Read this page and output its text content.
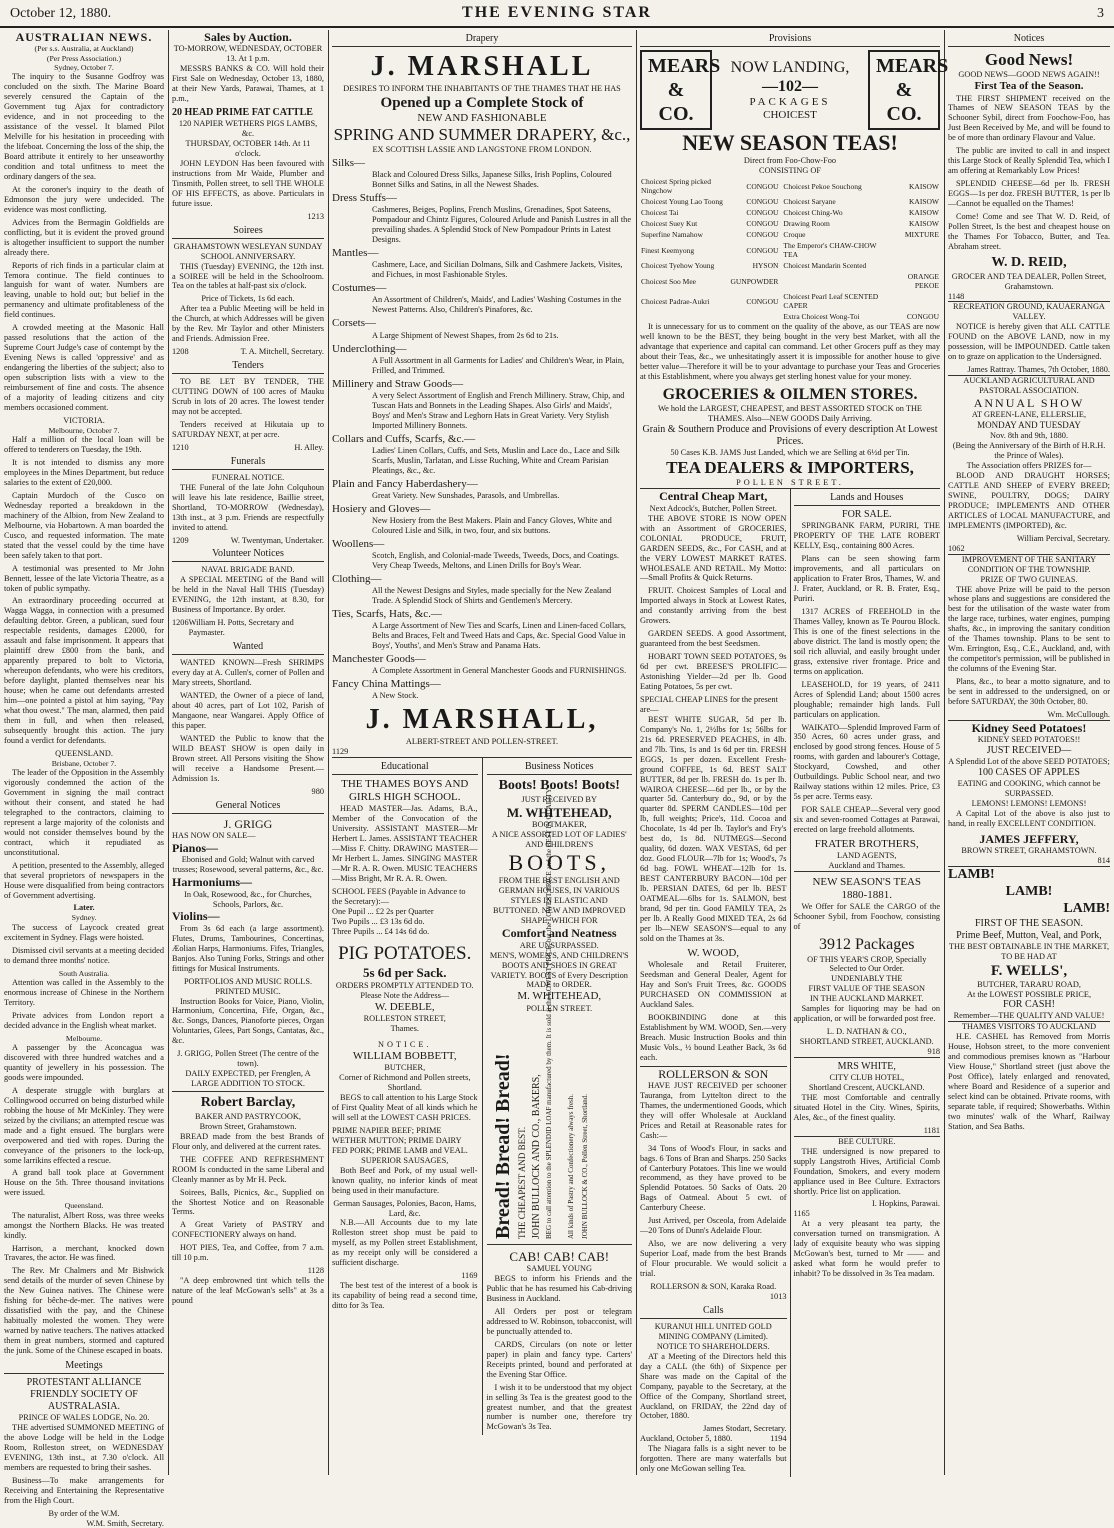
October 12, 1880.	THE EVENING STAR	3
AUSTRALIAN NEWS.
(Per s.s. Australia, at Auckland)
(Per Press Association.)
Sydney, October 7.

The inquiry to the Susanne Godfroy was concluded on the sixth. The Marine Board severely censured the Captain of the Government tug Ajax for contradictory evidence, and in not proceeding to the assistance of the vessel. It blamed Pilot Melville for his hesitation in proceeding with the lifeboat. Concerning the loss of the ship, the Board attribute it entirely to her unseaworthy condition and total unfitness to meet the ordinary dangers of the sea.

At the coroner's inquiry to the death of Edmonson the jury were undecided. The evidence was most conflicting.

Advices from the Bermagin Goldfields are conflicting, but it is evident the proved ground is altogether insufficient to support the number already there.

Reports of rich finds in a particular claim at Temora continue. The field continues to languish for want of water. Numbers are leaving, unable to hold out; but belief in the permanency and ultimate profitableness of the field continues.

A crowded meeting at the Masonic Hall passed resolutions that the action of the Supreme Court Judge's case of contempt by the Evening News is called 'oppressive' and as endangering the liberties of the subject; also to open subscription lists with a view to the reimbursement of fine and costs. The absence of a majority of leading citizens and city members occasioned comment.

VICTORIA.
Melbourne, October 7.

Half a million of the local loan will be offered to tenderers on Tuesday, the 19th.

It is not intended to dismiss any more employees in the Mines Department, but reduce salaries to the extent of £20,000.

Captain Murdoch of the Cusco on Wednesday reported a breakdown in the machinery of the Albion, from New Zealand to Melbourne, via Hobartown. A man boarded the Cusco, and requested information. The mate stated that the vessel could by the time have been safely taken to that port.

A testimonial was presented to Mr John Bennett, lessee of the late Victoria Theatre, as a token of public sympathy.

An extraordinary proceeding occurred at Wagga Wagga, in connection with a presumed defaulting debtor. Green, a publican, sued four respectable residents, damages £2000, for assault and false imprisonment. It appears that plaintiff drew £800 from the bank, and apparently prepared to bolt to Victoria, whereupon defendants, who were his creditors, before daylight, planted themselves near his house; when he came out defendants arrested him—one pointed a pistol at him saying, "Pay what thou owest." The man, alarmed, then paid them in full, and when then released, subsequently brought this action. The jury found a verdict for defendants.

QUEENSLAND.
Brisbane, October 7.

The leader of the Opposition in the Assembly vigorously condemned the action of the Government in signing the mail contract without their consent, and stated he had telegraphed to the contractors, claiming to represent a large majority of the colonists and would not consider themselves bound by the contract, which it repudiated as unconstitutional.

A petition, presented to the Assembly, alleged that several proprietors of newspapers in the House were disqualified from being contractors of Government advertising.

Later.
Sydney.

The success of Laycock created great excitement in Sydney. Flags were hoisted.

Dismissed civil servants at a meeting decided to demand three months' notice.

South Australia.

Attention was called in the Assembly to the enormous increase of Chinese in the Northern Territory.

Private advices from London report a decided advance in the English wheat market.

Melbourne.

A passenger by the Aconcagua was discovered with three hundred watches and a quantity of jewellery in his possession. The goods were impounded.

A desperate struggle with burglars at Collingwood occurred on being disturbed while robbing the house of Mr McKinley. They were seized by the civilians; an attempted rescue was made and a fight ensued. The burglars were overpowered and tied with ropes. During the conveyance of the prisoners to the lock-up, some larrikins effected a rescue.

A grand ball took place at Government House on the 5th. Three thousand invitations were issued.

Queensland.

The naturalist, Albert Ross, was three weeks amongst the Northern Blacks. He was treated kindly.

Harrison, a merchant, knocked down Travares, the actor. He was fined.

The Rev. Mr Chalmers and Mr Bishwick send details of the murder of seven Chinese by the New Guinea natives. The Chinese were fishing for bêche-de-mer. The natives were dissatisfied with the pay, and the Chinese habitually molested the women. They were warned by native teachers. The natives attacked them in great numbers, stormed and captured the junk. Some of the Chinese escaped in boats.

Meetings
PROTESTANT ALLIANCE FRIENDLY SOCIETY OF AUSTRALASIA.
PRINCE OF WALES LODGE, No. 20.

THE advertised SUMMONED MEETING of the above Lodge will be held in the Lodge Room, Rolleston street, on WEDNESDAY EVENING, 13th inst., at 7.30 o'clock. All members are requested to bring their sashes.

Business—To make arrangements for Receiving and Entertaining the Representative from the High Court.

By order of the W.M.
W.M. Smith, Secretary.
Sales by Auction.
TO-MORROW, WEDNESDAY, OCTOBER 13. At 1 p.m.

MESSRS BANKS & CO. Will hold their First Sale on Wednesday, October 13, 1880, at their New Yards, Parawai, Thames, at 1 p.m.,

20 HEAD PRIME FAT CATTLE
120 NAPIER WETHERS PIGS LAMBS, &c.
THURSDAY, OCTOBER 14th. At 11 o'clock.

JOHN LEYDON Has been favoured with instructions from Mr Waide, Plumber and Tinsmith, Pollen street, to sell THE WHOLE OF HIS EFFECTS, as above. Particulars in future issue.

1213
Soirees
GRAHAMSTOWN WESLEYAN SUNDAY SCHOOL ANNIVERSARY.

THIS (Tuesday) EVENING, the 12th inst. a SOIREE will be held in the Schoolroom. Tea on the tables at half-past six o'clock.

Price of Tickets, 1s 6d each.

After tea a Public Meeting will be held in the Church, at which Addresses will be given by the Rev. Mr Taylor and other Ministers and Friends. Admission Free.

1208	T. A. Mitchell, Secretary.
Tenders

TO BE LET BY TENDER, THE CUTTING DOWN of 100 acres of Mauku Scrub in lots of 20 acres. The lowest tender may not be accepted.

Tenders received at Hikutaia up to SATURDAY NEXT, at per acre.

1210	H. Alley.
Funerals
FUNERAL NOTICE.

THE Funeral of the late John Colquhoun will leave his late residence, Baillie street, Shortland, TO-MORROW (Wednesday), 13th inst., at 3 p.m. Friends are respectfully invited to attend.

1209	W. Twentyman, Undertaker.
Volunteer Notices
NAVAL BRIGADE BAND.

A SPECIAL MEETING of the Band will be held in the Naval Hall THIS (Tuesday) EVENING, the 12th instant, at 8.30, for Business of Importance. By order.

1206 William H. Potts, Secretary and Paymaster.
Wanted

WANTED KNOWN—Fresh SHRIMPS every day at A. Cullen's, corner of Pollen and Mary streets, Shortland.

WANTED, the Owner of a piece of land, about 40 acres, part of Lot 102, Parish of Mangaone, near Wangarei. Apply Office of this paper.

WANTED the Public to know that the WILD BEAST SHOW is open daily in Brown street. All Persons visiting the Show will receive a Handsome Present.—Admission 1s.

980
General Notices
J. GRIGG
HAS NOW ON SALE—
Pianos—
Ebonised and Gold; Walnut with carved trusses; Rosewood, several patterns, &c., &c.
Harmoniums—
In Oak, Rosewood, &c., for Churches, Schools, Parlors, &c.
Violins—

From 3s 6d each (a large assortment). Flutes, Drums, Tambourines, Concertinas, Æolian Harps, Harmoniums. Fifes, Triangles, Banjos. Also Tuning Forks, Strings and other fittings for Musical Instruments.

PORTFOLIOS AND MUSIC ROLLS. PRINTED MUSIC.

Instruction Books for Voice, Piano, Violin, Harmonium, Concertina, Fife, Organ, &c., &c. Songs, Dances, Pianoforte pieces, Organ Voluntaries, Glees, Part Songs, Cantatas, &c., &c.

J. GRIGG, Pollen Street (The centre of the town).
DAILY EXPECTED, per Frenglen, A LARGE ADDITION TO STOCK.
Robert Barclay,
BAKER AND PASTRYCOOK,
Brown Street, Grahamstown.

BREAD made from the best Brands of Flour only, and delivered at the current rates.

THE COFFEE AND REFRESHMENT ROOM Is conducted in the same Liberal and Cleanly manner as by Mr H. Peck.

Soirees, Balls, Picnics, &c., Supplied on the Shortest Notice and on Reasonable Terms.

A Great Variety of PASTRY and CONFECTIONERY always on hand.

HOT PIES, Tea, and Coffee, from 7 a.m. till 10 p.m.

1128

"A deep embrowned tint which tells the nature of the leaf McGowan's sells" at 3s a pound

Drapery
J. MARSHALL
DESIRES TO INFORM THE INHABITANTS OF THE THAMES THAT HE HAS
Opened up a Complete Stock of
NEW AND FASHIONABLE
SPRING AND SUMMER DRAPERY, &c.,
EX SCOTTISH LASSIE AND LANGSTONE FROM LONDON.
Silks—
Black and Coloured Dress Silks, Japanese Silks, Irish Poplins, Coloured Bonnet Silks and Satins, in all the Newest Shades.
Dress Stuffs—
Cashmeres, Beiges, Poplins, French Muslins, Grenadines, Spot Sateens, Pompadour and Chintz Figures, Coloured Arlude and Panish Lustres in all the prevailing shades. A Splendid Stock of New Pompadour Prints in Latest Designs.
Mantles—
Cashmere, Lace, and Sicilian Dolmans, Silk and Cashmere Jackets, Visites, and Fichues, in most Fashionable Styles.
Costumes—
An Assortment of Children's, Maids', and Ladies' Washing Costumes in the Newest Patterns. Also, Children's Pinafores, &c.
Corsets—
A Large Shipment of Newest Shapes, from 2s 6d to 21s.
Underclothing—
A Full Assortment in all Garments for Ladies' and Children's Wear, in Plain, Frilled, and Trimmed.
Millinery and Straw Goods—
A very Select Assortment of English and French Millinery. Straw, Chip, and Tuscan Hats and Bonnets in the Leading Shapes. Also Girls' and Maids', Boys' and Men's Straw and Leghorn Hats in Great Variety. Very Stylish Imported Millinery Bonnets.
Collars and Cuffs, Scarfs, &c.—
Ladies' Linen Collars, Cuffs, and Sets, Muslin and Lace do., Lace and Silk Scarfs, Muslin, Tarlatan, and Lisse Ruching, White and Cream Parisian Pleatings, &c., &c.
Plain and Fancy Haberdashery—
Great Variety. New Sunshades, Parasols, and Umbrellas.
Hosiery and Gloves—
New Hosiery from the Best Makers. Plain and Fancy Gloves, White and Coloured Lisle and Silk, in two, four, and six buttons.
Woollens—
Scotch, English, and Colonial-made Tweeds, Tweeds, Docs, and Coatings. Very Cheap Tweeds, Meltons, and Linen Drills for Boy's Wear.
Clothing—
All the Newest Designs and Styles, made specially for the New Zealand Trade. A Splendid Stock of Shirts and Gentlemen's Mercery.
Ties, Scarfs, Hats, &c.—
A Large Assortment of New Ties and Scarfs, Linen and Linen-faced Collars, Belts and Braces, Felt and Tweed Hats and Caps, &c. Special Good Value in Boys', Youths', and Men's Straw and Panama Hats.
Manchester Goods—
A Complete Assortment in General Manchester Goods and FURNISHINGS.
Fancy China Mattings—
A New Stock.
J. MARSHALL,
ALBERT-STREET AND POLLEN-STREET.
1129
Educational
THE THAMES BOYS AND GIRLS HIGH SCHOOL.

HEAD MASTER—Jas. Adams, B.A., Member of the Convocation of the University. ASSISTANT MASTER—Mr Herbert L. James. ASSISTANT TEACHER—Miss F. Chitty. DRAWING MASTER—Mr Herbert L. James. SINGING MASTER—Mr R. A. R. Owen. MUSIC TEACHERS—Miss Bright, Mr R. A. R. Owen.

SCHOOL FEES (Payable in Advance to the Secretary):—
One Pupil ... £2 2s per Quarter
Two Pupils ... £3 13s 6d do.
Three Pupils ... £4 14s 6d do.
PIG POTATOES.
5s 6d per Sack.
ORDERS PROMPTLY ATTENDED TO.
Please Note the Address—
W. DEEBLE,
ROLLESTON STREET,
Thames.
NOTICE.
WILLIAM BOBBETT,
BUTCHER,
Corner of Richmond and Pollen streets, Shortland.

BEGS to call attention to his Large Stock of First Quality Meat of all kinds which he will sell at the LOWEST CASH PRICES.

PRIME NAPIER BEEF; PRIME WETHER MUTTON; PRIME DAIRY FED PORK; PRIME LAMB and VEAL.
SUPERIOR SAUSAGES,

Both Beef and Pork, of my usual well-known quality, no inferior kinds of meat being used in their manufacture.

German Sausages, Polonies, Bacon, Hams, Lard, &c.

N.B.—All Accounts due to my late Rolleston street shop must be paid to myself, as my Pollen street Establishment, as my receipt only will be considered a sufficient discharge.

1169

The best test of the interest of a book is its capability of being read a second time, ditto for 3s Tea.

Business Notices
Boots! Boots! Boots!
JUST RECEIVED BY
M. WHITEHEAD,
BOOTMAKER,
A NICE ASSORTED LOT OF LADIES' AND CHILDREN'S
BOOTS,
FROM THE BEST ENGLISH AND GERMAN HOUSES, IN VARIOUS STYLES IN ELASTIC AND BUTTONED. NEW AND IMPROVED SHAPE, WHICH FOR
Comfort and Neatness
ARE UNSURPASSED.
MEN'S, WOMEN'S, AND CHILDREN'S BOOTS AND SHOES IN GREAT VARIETY. BOOTS of Every Description MADE to ORDER.
M. WHITEHEAD,
POLLEN STREET.
Bread! Bread! Bread! THE CHEAPEST AND BEST. JOHN BULLOCK AND CO., BAKERS, BEG to call attention to the SPLENDID LOAF manufactured by them. It is sold at the LOWEST PRICE, but the LOWEST PRICE and the BEST IN QUALITY. All kinds of Pastry and Confectionery always fresh. JOHN BULLOCK & CO., Pollen Street, Shortland.
CAB! CAB! CAB!
SAMUEL YOUNG

BEGS to inform his Friends and the Public that he has resumed his Cab-driving Business in Auckland.

All Orders per post or telegram addressed to W. Robinson, tobacconist, will be punctually attended to.

CARDS, Circulars (on note or letter paper) in plain and fancy type. Carters' Receipts printed, bound and perforated at the Evening Star Office.

I wish it to be understood that my object in selling 3s Tea is the greatest good to the greatest number, and that the greatest number is number one, therefore try McGowan's 3s Tea.

Provisions
MEARS & CO.
NOW LANDING,
—102—
PACKAGES
CHOICEST
MEARS & CO.
NEW SEASON TEAS!
Direct from Foo-Chow-Foo
CONSISTING OF
Choicest Spring picked Ningchow	CONGOU	Choicest Pekoe Souchong	KAISOW
Choicest Young Lao Toong	CONGOU	Choicest Saryane	KAISOW
Choicest Tai	CONGOU	Choicest Ching-Wo	KAISOW
Choicest Suey Kut	CONGOU	Drawing Room	KAISOW
Superfine Namahow	CONGOU	Croque	MIXTURE
Finest Keemyong	CONGOU	The Emperor's CHAW-CHOW TEA	
Choicest Tyehow Young	HYSON	Choicest Mandarin Scented	
Choicest Soo Mee	GUNPOWDER		ORANGE PEKOE
Choicest Padrae-Aukri	CONGOU	Choicest Pearl Leaf SCENTED CAPER	
		Extra Choicest Wong-Toi	CONGOU

It is unnecessary for us to comment on the quality of the above, as our TEAS are now well known to be the BEST, they being bought in the very best Market, with all the advantage that experience and capital can command. Let other Grocers puff as they may about their Teas, &c., we unhesitatingly assert it is impossible for another house to give better value—Therefore it will be to your advantage to purchase your Teas and Groceries at this Establishment, where you always get sterling honest value for your money.

GROCERIES & OILMEN STORES.
We hold the LARGEST, CHEAPEST, and BEST ASSORTED STOCK on THE THAMES. Also—NEW GOODS Daily Arriving.
Grain & Southern Produce and Provisions of every description At Lowest Prices.
50 Cases K.B. JAMS Just Landed, which we are Selling at 6½d per Tin.
TEA DEALERS & IMPORTERS,
POLLEN STREET.
Central Cheap Mart,
Next Adcock's, Butcher, Pollen Street.

THE ABOVE STORE IS NOW OPEN with an Assortment of GROCERIES, COLONIAL PRODUCE, FRUIT, GARDEN SEEDS, &c., For CASH, and at the VERY LOWEST MARKET RATES. WHOLESALE AND RETAIL. My Motto:—Small Profits & Quick Returns.

FRUIT. Choicest Samples of Local and Imported always in Stock at Lowest Rates, and constantly arriving from the best Growers.

GARDEN SEEDS. A good Assortment, guaranteed from the best Seedsmen.

HOBART TOWN SEED POTATOES, 9s 6d per cwt. BREESE'S PROLIFIC—Astonishing Yielder—2d per lb. Good Eating Potatoes, 5s per cwt.

SPECIAL CHEAP LINES for the present are—

BEST WHITE SUGAR, 5d per lb. Company's No. 1, 2½lbs for 1s; 56lbs for 21s 6d. PRESERVED PEACHES, in 4lb. and 7lb. Tins, 1s and 1s 6d per tin. FRESH EGGS, 1s per dozen. Excellent Fresh-ground COFFEE, 1s 6d. BEST SALT BUTTER, 8d per lb. FRESH do. 1s per lb. WAIROA CHEESE—6d per lb., or by the quarter 5d. Canterbury do., 9d, or by the quarter 8d. SPERM CANDLES—10d per lb, full weights; Price's, 11d. Cocoa and Chocolate, 1s 4d per lb. Taylor's and Fry's best do, 1s 8d. NUTMEGS—Second quality, 6d dozen. WAX VESTAS, 6d per doz. Good FLOUR—7lb for 1s; Wood's, 7s 6d bag. FOWL WHEAT—12lb for 1s. BEST CANTERBURY BACON—10d per lb. PERSIAN DATES, 6d per lb. BEST OATMEAL—6lbs for 1s. SALMON, best brand, 9d per tin. Good FAMILY TEA, 2s per lb. A Really Good MIXED TEA, 2s 6d per lb—NEW SEASON'S—equal to any sold on the Thames at 3s.

W. WOOD,

Wholesale and Retail Fruiterer, Seedsman and General Dealer, Agent for Hay and Son's Fruit Trees, &c. GOODS PURCHASED ON COMMISSION at Auckland Sales.

BOOKBINDING done at this Establishment by WM. WOOD, Sen.—very Breach. Music Instruction Books and thin Music Vols., ½ bound Leather Back, 3s 6d each.

ROLLERSON & SON

HAVE JUST RECEIVED per schooner Tauranga, from Lyttelton direct to the Thames, the undermentioned Goods, which they will offer Wholesale at Auckland Prices and Retail at Reasonable rates for Cash:—

34 Tons of Wood's Flour, in sacks and bags. 6 Tons of Bran and Sharps. 250 Sacks of Canterbury Potatoes. This line we would recommend, as they have proved to be Splendid Potatoes. 50 Sacks of Oats. 20 Bags of Oatmeal. About 5 cwt. of Canterbury Cheese.

Just Arrived, per Osceola, from Adelaide—20 Tons of Dunn's Adelaide Flour.

Also, we are now delivering a very Superior Loaf, made from the best Brands of Flour procurable. We would solicit a trial.

ROLLERSON & SON, Karaka Road.
1013
Calls
KURANUI HILL UNITED GOLD MINING COMPANY (Limited).
NOTICE TO SHAREHOLDERS.

AT a Meeting of the Directors held this day a CALL (the 6th) of Sixpence per Share was made on the Capital of the Company, payable to the Secretary, at the Office of the Company, Shortland street, Auckland, on FRIDAY, the 22nd day of October, 1880.

James Stodart, Secretary.
Auckland, October 5, 1880.	1194

The Niagara falls is a sight never to be forgotten. There are many waterfalls but only one McGowan selling Tea.

Lands and Houses
FOR SALE.

SPRINGBANK FARM, PURIRI, THE PROPERTY OF THE LATE ROBERT KELLY, Esq., containing 800 Acres.

Plans can be seen showing farm improvements, and all particulars on application to Frater Bros, Thames, W. and J. Frater, Auckland, or R. B. Frater, Esq., Puriri.

1317 ACRES of FREEHOLD in the Thames Valley, known as Te Pourou Block. This is one of the finest selections in the above district. The land is mostly open; the soil rich alluvial, and easily brought under grass, extensive river frontage. Price and terms on application.

LEASEHOLD, for 19 years, of 2411 Acres of Splendid Land; about 1500 acres ploughable; remainder high lands. Full particulars on application.

WAIKATO—Splendid Improved Farm of 350 Acres, 60 acres under grass, and enclosed by good strong fences. House of 5 rooms, with garden and labourer's Cottage, Stockyard, Cowshed, and other Outbuildings. Public School near, and two Railway stations within 12 miles. Price, £3 5s per acre. Terms easy.

FOR SALE CHEAP—Several very good six and seven-roomed Cottages at Parawai, erected on large freehold allotments.

FRATER BROTHERS,
LAND AGENTS,
Auckland and Thames.
NEW SEASON'S TEAS
1880-1881.

We Offer for SALE the CARGO of the Schooner Sybil, from Foochow, consisting of

3912 Packages
OF THIS YEAR'S CROP, Specially Selected to Our Order.
UNDENIABLY THE
FIRST VALUE OF THE SEASON
IN THE AUCKLAND MARKET.

Samples for liquoring may be had on application, or will be forwarded post free.

L. D. NATHAN & CO.,
SHORTLAND STREET, AUCKLAND.
918
MRS WHITE,
CITY CLUB HOTEL,
Shortland Crescent, AUCKLAND.

THE most Comfortable and centrally situated Hotel in the City. Wines, Spirits, Ales, &c., of the finest quality.

1181
BEE CULTURE.

THE undersigned is now prepared to supply Langstroth Hives, Artificial Comb Foundation, Smokers, and every modern appliance used in Bee Culture. Extractors shortly. Price list on application.

I. Hopkins, Parawai.
1165

At a very pleasant tea party, the conversation turned on transmigration. A lady of exquisite beauty who was sipping McGowan's best, turned to Mr —— and asked what form he would prefer to inhabit? To be dissolved in 3s Tea madam.

Notices
Good News!
GOOD NEWS—GOOD NEWS AGAIN!!
First Tea of the Season.

THE FIRST SHIPMENT received on the Thames of NEW SEASON TEAS by the Schooner Sybil, direct from Foochow-Foo, has Just Been Received by Me, and will be found to be of more than ordinary Flavour and Value.

The public are invited to call in and inspect this Large Stock of Really Splendid Tea, which I am offering at Remarkably Low Prices!

SPLENDID CHEESE—6d per lb. FRESH EGGS—1s per doz. FRESH BUTTER, 1s per lb—Cannot be equalled on the Thames!

Come! Come and see That W. D. Reid, of Pollen Street, Is the best and cheapest house on the Thames For Tobacco, Butter, and Tea. Abraham street.

W. D. REID,
GROCER AND TEA DEALER, Pollen Street, Grahamstown.
1148
RECREATION GROUND, KAUAERANGA VALLEY.

NOTICE is hereby given that ALL CATTLE FOUND on the ABOVE LAND, now in my possession, will be IMPOUNDED. Cattle taken on to graze on application to the Undersigned.

James Rattray. Thames, 7th October, 1880.
AUCKLAND AGRICULTURAL AND PASTORAL ASSOCIATION.
ANNUAL SHOW
AT GREEN-LANE, ELLERSLIE,
MONDAY AND TUESDAY
Nov. 8th and 9th, 1880.
(Being the Anniversary of the Birth of H.R.H. the Prince of Wales).
The Association offers PRIZES for—

BLOOD AND DRAUGHT HORSES; CATTLE AND SHEEP of EVERY BREED; SWINE, POULTRY, DOGS; DAIRY PRODUCE; IMPLEMENTS AND OTHER ARTICLES of LOCAL MANUFACTURE, and IMPLEMENTS (IMPORTED), &c.

William Percival, Secretary.
1062
IMPROVEMENT OF THE SANITARY CONDITION OF THE TOWNSHIP.
PRIZE OF TWO GUINEAS.

THE above Prize will be paid to the person whose plans and suggestions are considered the best for the utilisation of the waste water from the large race, turbines, water engines, pumping shafts, &c., in improving the sanitary condition of the Thames township. Plans to be sent to Wm. Errington, Esq., C.E., Auckland, and, with the competitor's permission, will be published in the columns of the Evening Star.

Plans, &c., to bear a motto signature, and to be sent in addressed to the undersigned, on or before SATURDAY, the 30th October, 80.

Wm. McCullough.
Kidney Seed Potatoes!
KIDNEY SEED POTATOES!!
JUST RECEIVED—
A Splendid Lot of the above SEED POTATOES;
100 CASES OF APPLES
EATING and COOKING, which cannot be SURPASSED.
LEMONS! LEMONS! LEMONS!

A Capital Lot of the above is also just to hand, in really EXCELLENT CONDITION.

JAMES JEFFERY,
BROWN STREET, GRAHAMSTOWN.
814
LAMB!
LAMB!
LAMB!
FIRST OF THE SEASON.
Prime Beef, Mutton, Veal, and Pork,
THE BEST OBTAINABLE IN THE MARKET,
TO BE HAD AT
F. WELLS',
BUTCHER, TARARU ROAD,
At the LOWEST POSSIBLE PRICE,
FOR CASH!
Remember—THE QUALITY AND VALUE!
THAMES VISITORS TO AUCKLAND

H.E. CASHEL has Removed from Morris House, Hobson street, to the more convenient and commodious premises known as "Harbour View House," Shortland street (just above the Post Office), lately enlarged and renovated, where Board and Residence of a superior and select kind can be obtained. Private rooms, with separate table, if required; Showerbaths. Within two minutes' walk of the Wharf, Railway Station, and Sea Baths.
